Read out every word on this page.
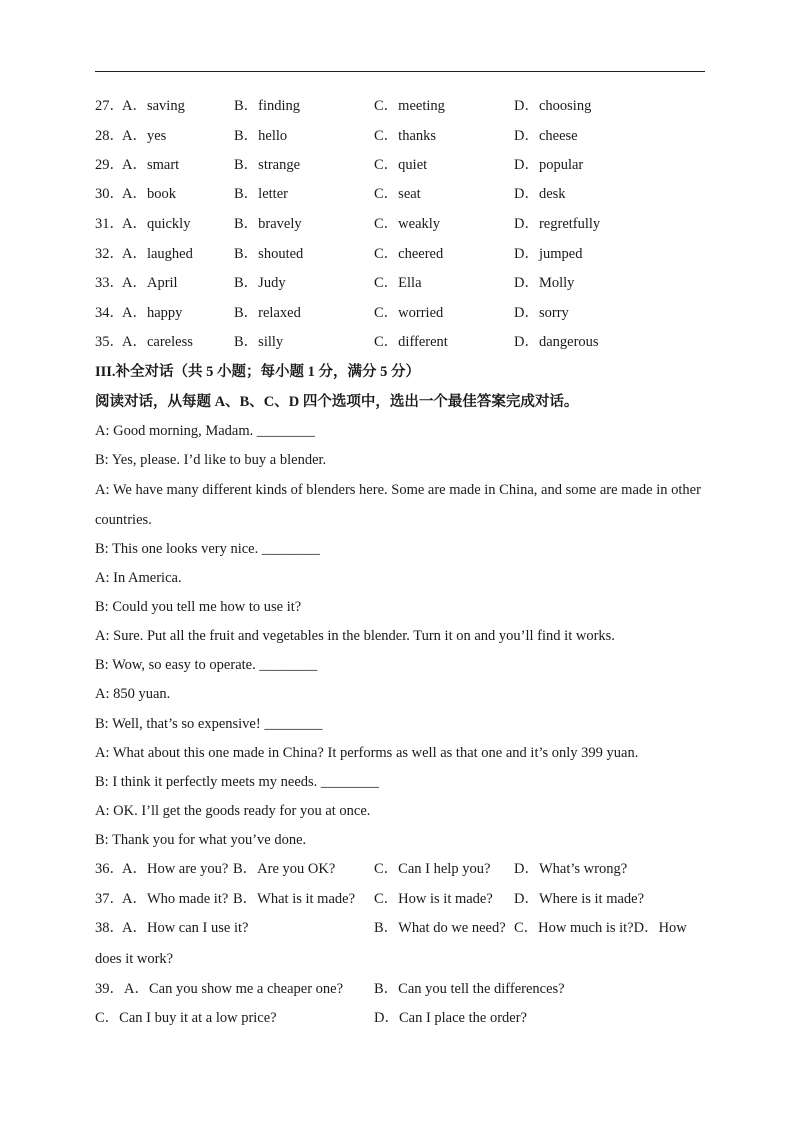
27．
A．saving	B．finding	C．meeting	D．choosing
28．
A．yes	B．hello	C．thanks	D．cheese
29．
A．smart	B．strange	C．quiet	D．popular
30．
A．book	B．letter	C．seat	D．desk
31．
A．quickly	B．bravely	C．weakly	D．regretfully
32．
A．laughed	B．shouted	C．cheered	D．jumped
33．
A．April	B．Judy	C．Ella	D．Molly
34．
A．happy	B．relaxed	C．worried	D．sorry
35．
A．careless	B．silly	C．different	D．dangerous
III.补全对话（共 5 小题；每小题 1 分，满分 5 分）
阅读对话，从每题 A、B、C、D 四个选项中，选出一个最佳答案完成对话。
A: Good morning, Madam. ________
B: Yes, please. I’d like to buy a blender.
A: We have many different kinds of blenders here. Some are made in China, and some are made in other
countries.
B: This one looks very nice. ________
A: In America.
B: Could you tell me how to use it?
A: Sure. Put all the fruit and vegetables in the blender. Turn it on and you’ll find it works.
B: Wow, so easy to operate. ________
A: 850 yuan.
B: Well, that’s so expensive! ________
A: What about this one made in China? It performs as well as that one and it’s only 399 yuan.
B: I think it perfectly meets my needs. ________
A: OK. I’ll get the goods ready for you at once.
B: Thank you for what you’ve done.
36．
A．How are you? B．Are you OK?	C．Can I help you? D．What’s wrong?
37．
A．Who made it? B．What is it made? C．How is it made? D．Where is it made?
38．
A．How can I use it?	B．What do we need? C．How much is it?D．How
does it work?
39．A．Can you show me a cheaper one? B．Can you tell the differences?
C．Can I buy it at a low price?	D．Can I place the order?
